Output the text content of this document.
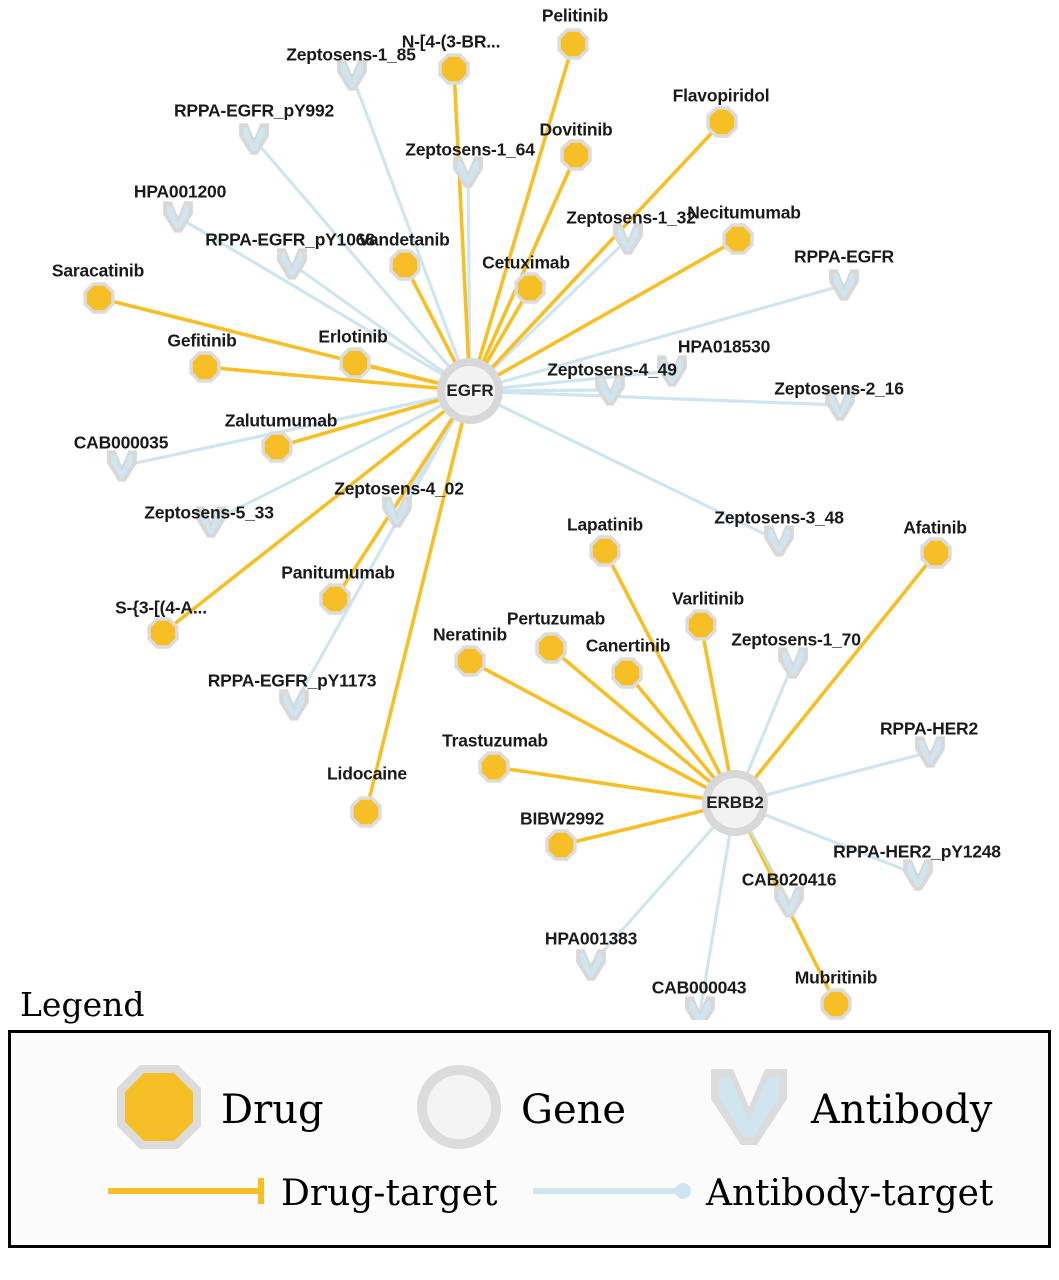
Zeptosens-1_85
RPPA-EGFR_pY992
Zeptosens-1_64
HPA001200
Zeptosens-1_32
RPPA-EGFR_pY1068
RPPA-EGFR
HPA018530
Zeptosens-4_49
Zeptosens-2_16
CAB000035
Zeptosens-5_33
Zeptosens-4_02
Zeptosens-3_48
Zeptosens-1_70
RPPA-EGFR_pY1173
RPPA-HER2
RPPA-HER2_pY1248
CAB020416
HPA001383
CAB000043
Pelitinib
N-[4-(3-BR...
Flavopiridol
Dovitinib
Necitumumab
Vandetanib
Cetuximab
Saracatinib
Gefitinib	Erlotinib
Zalutumumab
Afatinib
Lapatinib
Varlitinib
Panitumumab
S-{3-[(4-A...
Pertuzumab
Canertinib
Neratinib
Trastuzumab
Lidocaine
BIBW2992
Mubritinib
EGFR
ERBB2
Legend
Drug	Gene	Antibody
Drug-target	Antibody-target
